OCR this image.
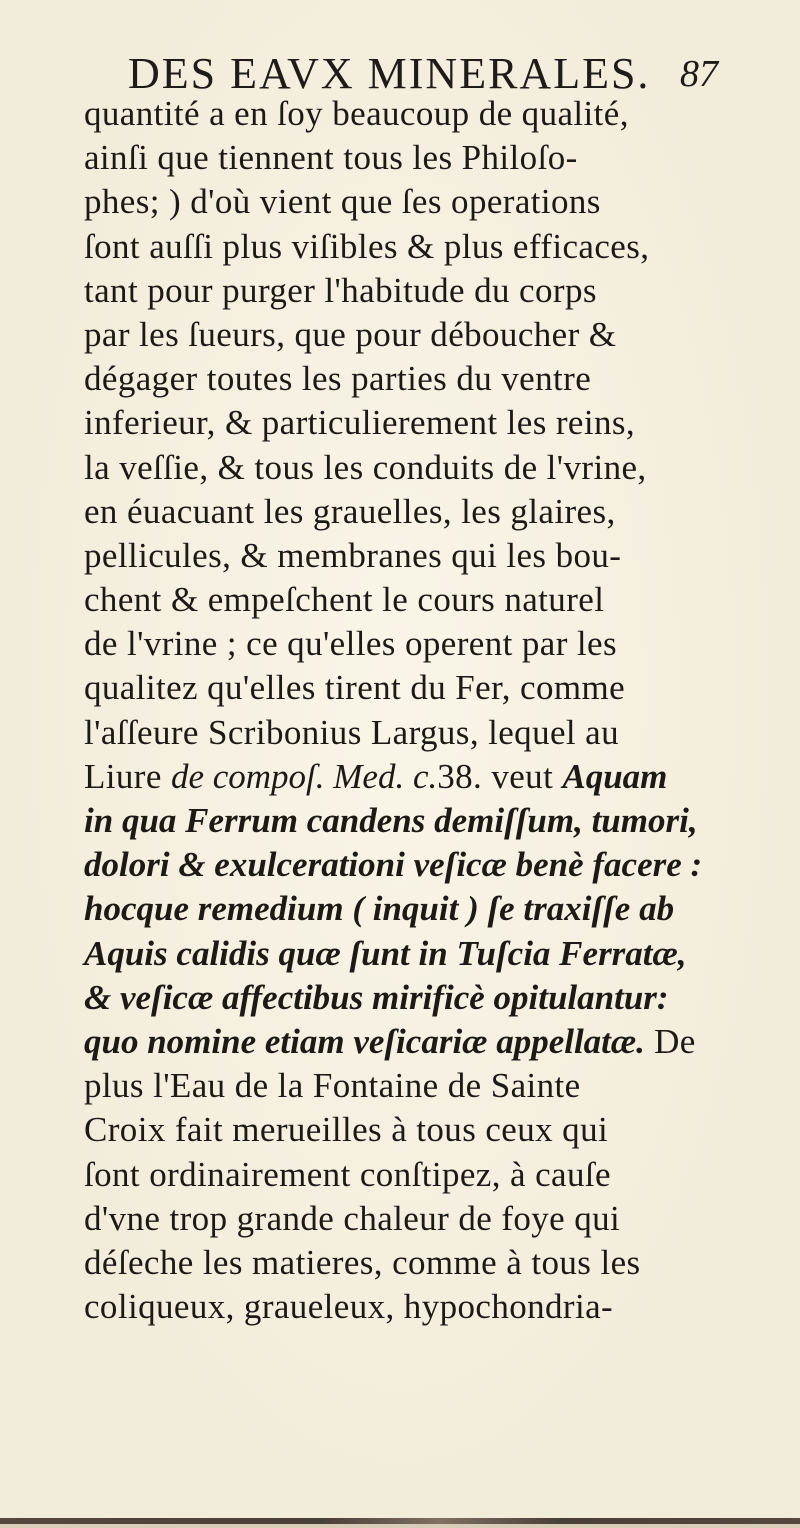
DES EAVX MINERALES. 87
quantité a en ſoy beaucoup de qualité,
ainſi que tiennent tous les Philoſo-
phes; ) d'où vient que ſes operations
ſont auſſi plus viſibles & plus efficaces,
tant pour purger l'habitude du corps
par les ſueurs, que pour déboucher &
dégager toutes les parties du ventre
inferieur, & particulierement les reins,
la veſſie, & tous les conduits de l'vrine,
en éuacuant les grauelles, les glaires,
pellicules, & membranes qui les bou-
chent & empeſchent le cours naturel
de l'vrine ; ce qu'elles operent par les
qualitez qu'elles tirent du Fer, comme
l'aſſeure Scribonius Largus, lequel au
Liure de compoſ. Med. c.38. veut Aquam
in qua Ferrum candens demiſſum, tumori,
dolori & exulcerationi veſicæ benè facere :
hocque remedium ( inquit ) ſe traxiſſe ab
Aquis calidis quæ ſunt in Tuſcia Ferratæ,
& veſicæ affectibus mirificè opitulantur:
quo nomine etiam veſicariæ appellatæ. De
plus l'Eau de la Fontaine de Sainte
Croix fait merueilles à tous ceux qui
ſont ordinairement conſtipez, à cauſe
d'vne trop grande chaleur de foye qui
déſeche les matieres, comme à tous les
coliqueux, graueleux, hypochondria-
